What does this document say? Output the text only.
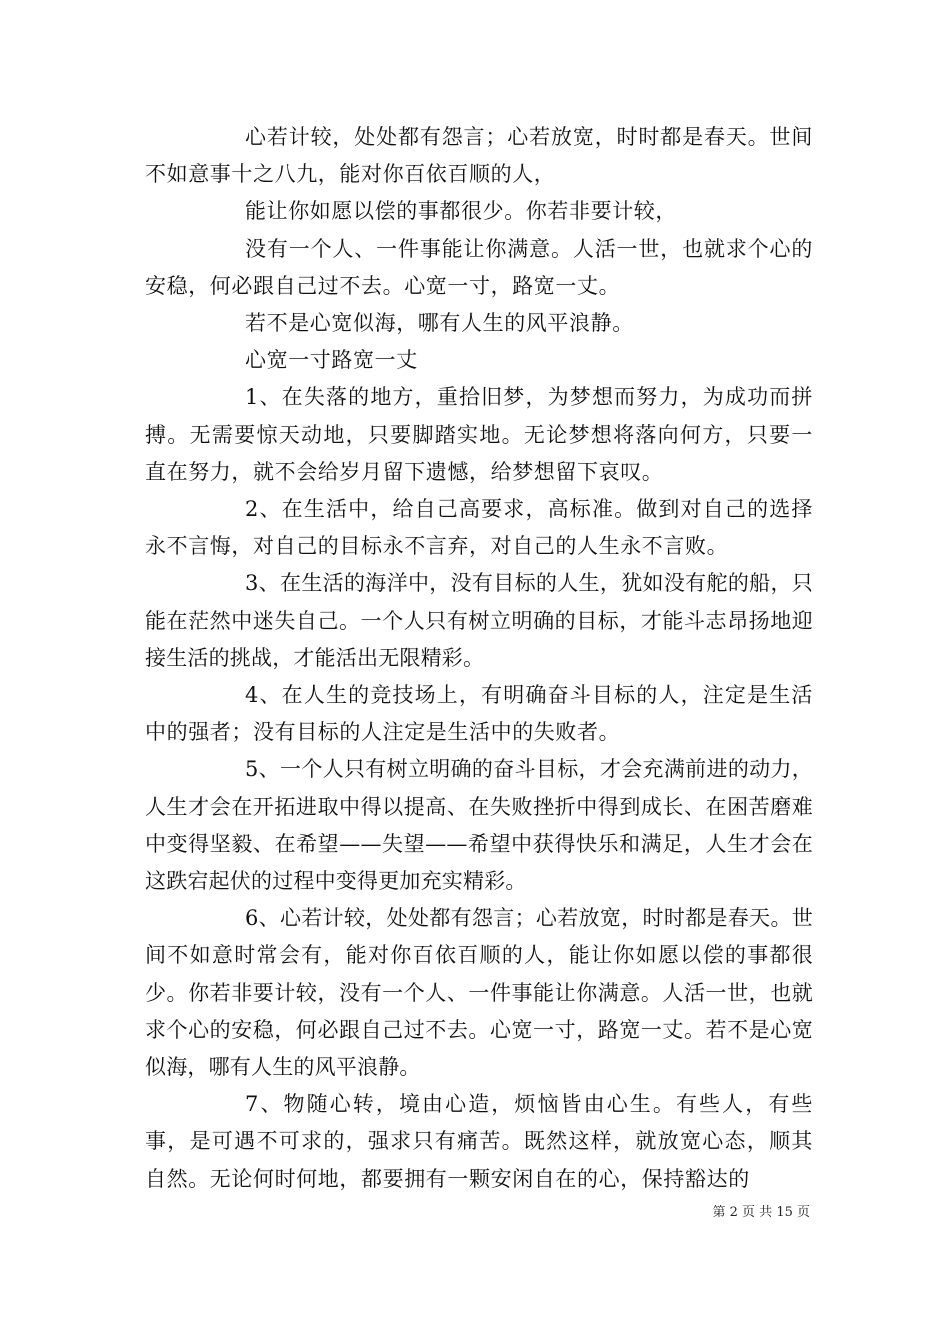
心若计较，处处都有怨言；心若放宽，时时都是春天。世间不如意事十之八九，能对你百依百顺的人，

能让你如愿以偿的事都很少。你若非要计较，

没有一个人、一件事能让你满意。人活一世，也就求个心的安稳，何必跟自己过不去。心宽一寸，路宽一丈。

若不是心宽似海，哪有人生的风平浪静。

心宽一寸路宽一丈

1、在失落的地方，重拾旧梦，为梦想而努力，为成功而拼搏。无需要惊天动地，只要脚踏实地。无论梦想将落向何方，只要一直在努力，就不会给岁月留下遗憾，给梦想留下哀叹。

2、在生活中，给自己高要求，高标准。做到对自己的选择永不言悔，对自己的目标永不言弃，对自己的人生永不言败。

3、在生活的海洋中，没有目标的人生，犹如没有舵的船，只能在茫然中迷失自己。一个人只有树立明确的目标，才能斗志昂扬地迎接生活的挑战，才能活出无限精彩。

4、在人生的竞技场上，有明确奋斗目标的人，注定是生活中的强者；没有目标的人注定是生活中的失败者。

5、一个人只有树立明确的奋斗目标，才会充满前进的动力，人生才会在开拓进取中得以提高、在失败挫折中得到成长、在困苦磨难中变得坚毅、在希望——失望——希望中获得快乐和满足，人生才会在这跌宕起伏的过程中变得更加充实精彩。

6、心若计较，处处都有怨言；心若放宽，时时都是春天。世间不如意时常会有，能对你百依百顺的人，能让你如愿以偿的事都很少。你若非要计较，没有一个人、一件事能让你满意。人活一世，也就求个心的安稳，何必跟自己过不去。心宽一寸，路宽一丈。若不是心宽似海，哪有人生的风平浪静。

7、物随心转，境由心造，烦恼皆由心生。有些人，有些事，是可遇不可求的，强求只有痛苦。既然这样，就放宽心态，顺其自然。无论何时何地，都要拥有一颗安闲自在的心，保持豁达的

第 2 页 共 15 页
